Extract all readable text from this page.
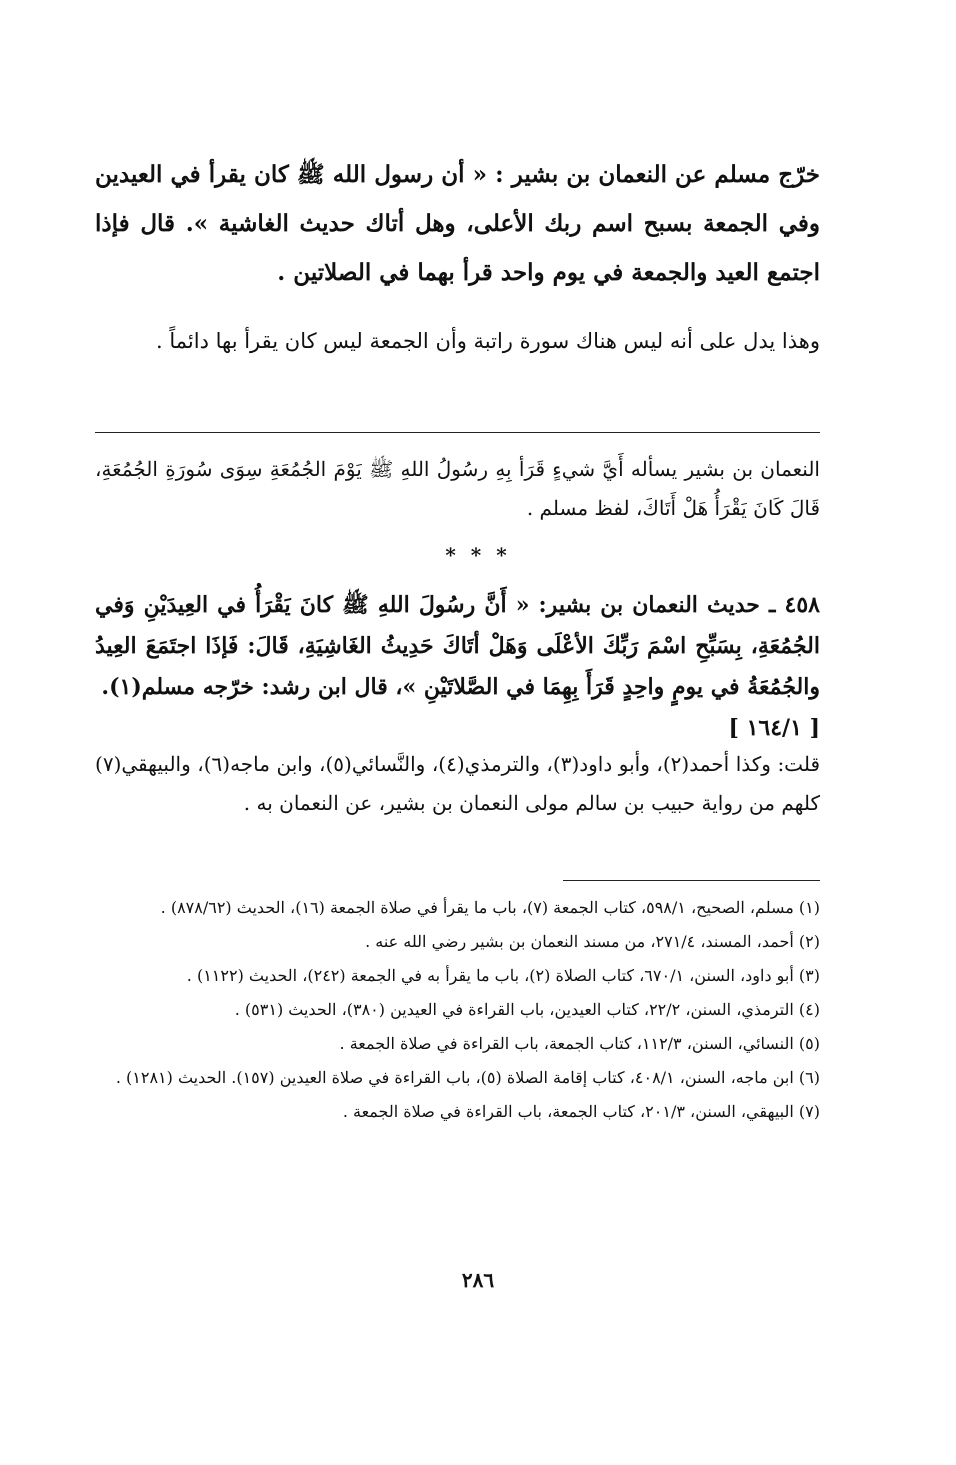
خرّج مسلم عن النعمان بن بشير : « أن رسول الله ﷺ كان يقرأ في العيدين وفي الجمعة بسبح اسم ربك الأعلى، وهل أتاك حديث الغاشية ». قال فإذا اجتمع العيد والجمعة في يوم واحد قرأ بهما في الصلاتين .

وهذا يدل على أنه ليس هناك سورة راتبة وأن الجمعة ليس كان يقرأ بها دائماً .

النعمان بن بشير يسأله أَيَّ شيءٍ قَرَأ بِهِ رسُولُ اللهِ ﷺ يَوْمَ الجُمُعَةِ سِوَى سُورَةِ الجُمُعَةِ، قَالَ كَانَ يَقْرَأُ هَلْ أَتَاكَ، لفظ مسلم .

* * *
٤٥٨ ـ حديث النعمان بن بشير: « أَنَّ رسُولَ اللهِ ﷺ كانَ يَقْرَأُ في العِيدَيْنِ وَفي الجُمُعَةِ، بِسَبِّحِ اسْمَ رَبِّكَ الأعْلَى وَهَلْ أتَاكَ حَدِيثُ الغَاشِيَةِ، قَالَ: فَإذَا اجتَمَعَ العِيدُ والجُمُعَةُ في يومٍ واحِدٍ قَرَأَ بِهِمَا في الصَّلاتَيْنِ »، قال ابن رشد: خرّجه مسلم(١).
[ ١٦٤/١ ]

قلت: وكذا أحمد(٢)، وأبو داود(٣)، والترمذي(٤)، والنَّسائي(٥)، وابن ماجه(٦)، والبيهقي(٧) كلهم من رواية حبيب بن سالم مولى النعمان بن بشير، عن النعمان به .

(١) مسلم، الصحيح، ٥٩٨/١، كتاب الجمعة (٧)، باب ما يقرأ في صلاة الجمعة (١٦)، الحديث (٨٧٨/٦٢) .
(٢) أحمد، المسند، ٢٧١/٤، من مسند النعمان بن بشير رضي الله عنه .
(٣) أبو داود، السنن، ٦٧٠/١، كتاب الصلاة (٢)، باب ما يقرأ به في الجمعة (٢٤٢)، الحديث (١١٢٢) .
(٤) الترمذي، السنن، ٢٢/٢، كتاب العيدين، باب القراءة في العيدين (٣٨٠)، الحديث (٥٣١) .
(٥) النسائي، السنن، ١١٢/٣، كتاب الجمعة، باب القراءة في صلاة الجمعة .
(٦) ابن ماجه، السنن، ٤٠٨/١، كتاب إقامة الصلاة (٥)، باب القراءة في صلاة العيدين (١٥٧). الحديث (١٢٨١) .
(٧) البيهقي، السنن، ٢٠١/٣، كتاب الجمعة، باب القراءة في صلاة الجمعة .
٢٨٦
